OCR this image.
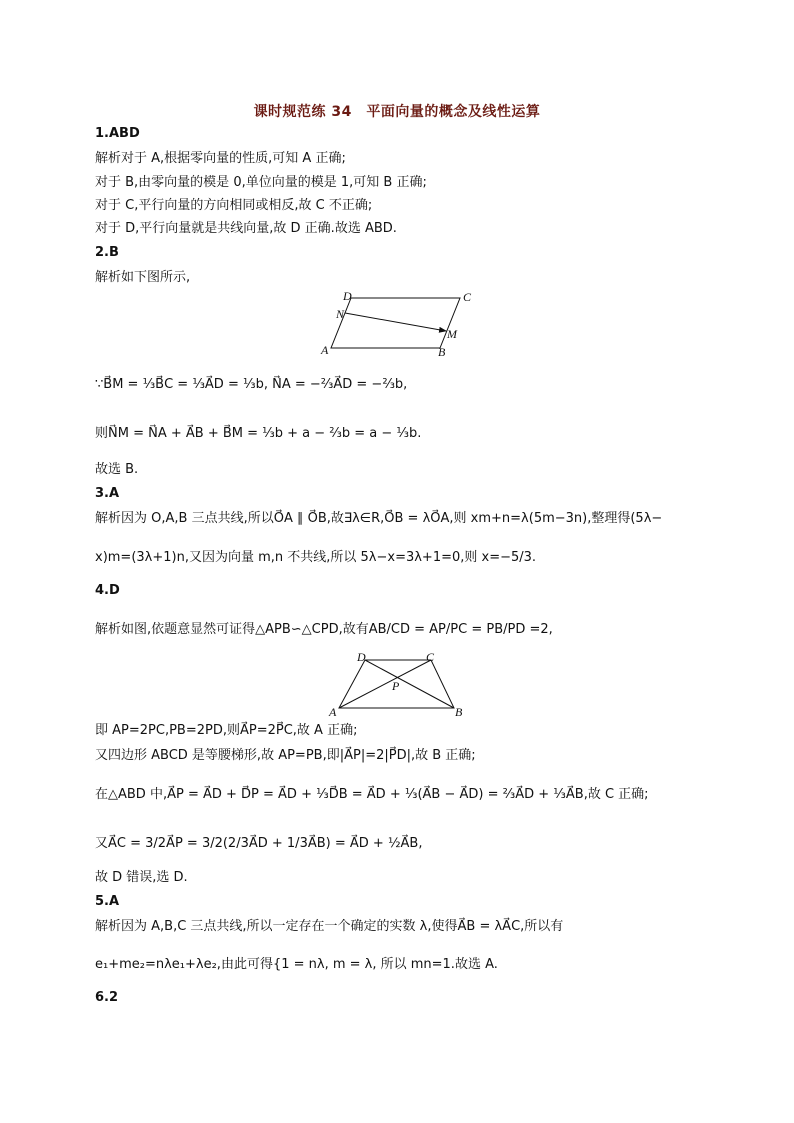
课时规范练 34　平面向量的概念及线性运算
1.ABD
解析对于 A,根据零向量的性质,可知 A 正确;
对于 B,由零向量的模是 0,单位向量的模是 1,可知 B 正确;
对于 C,平行向量的方向相同或相反,故 C 不正确;
对于 D,平行向量就是共线向量,故 D 正确.故选 ABD.
2.B
解析如下图所示,
∵B⃗M = ⅓B⃗C = ⅓A⃗D = ⅓b, N⃗A = −⅔A⃗D = −⅔b,
则N⃗M = N⃗A + A⃗B + B⃗M = ⅓b + a − ⅔b = a − ⅓b.
故选 B.
3.A
解析因为 O,A,B 三点共线,所以O⃗A ∥ O⃗B,故∃λ∈R,O⃗B = λO⃗A,则 xm+n=λ(5m−3n),整理得(5λ−
x)m=(3λ+1)n,又因为向量 m,n 不共线,所以 5λ−x=3λ+1=0,则 x=−5/3.
4.D
解析如图,依题意显然可证得△APB∽△CPD,故有AB/CD = AP/PC = PB/PD =2,
即 AP=2PC,PB=2PD,则A⃗P=2P⃗C,故 A 正确;
又四边形 ABCD 是等腰梯形,故 AP=PB,即|A⃗P|=2|P⃗D|,故 B 正确;
在△ABD 中,A⃗P = A⃗D + D⃗P = A⃗D + ⅓D⃗B = A⃗D + ⅓(A⃗B − A⃗D) = ⅔A⃗D + ⅓A⃗B,故 C 正确;
又A⃗C = 3/2A⃗P = 3/2(2/3A⃗D + 1/3A⃗B) = A⃗D + ½A⃗B,
故 D 错误,选 D.
5.A
解析因为 A,B,C 三点共线,所以一定存在一个确定的实数 λ,使得A⃗B = λA⃗C,所以有
e₁+me₂=nλe₁+λe₂,由此可得{1 = nλ, m = λ, 所以 mn=1.故选 A.
6.2
A	B
C
D
N
M
A	B
C
D
P
